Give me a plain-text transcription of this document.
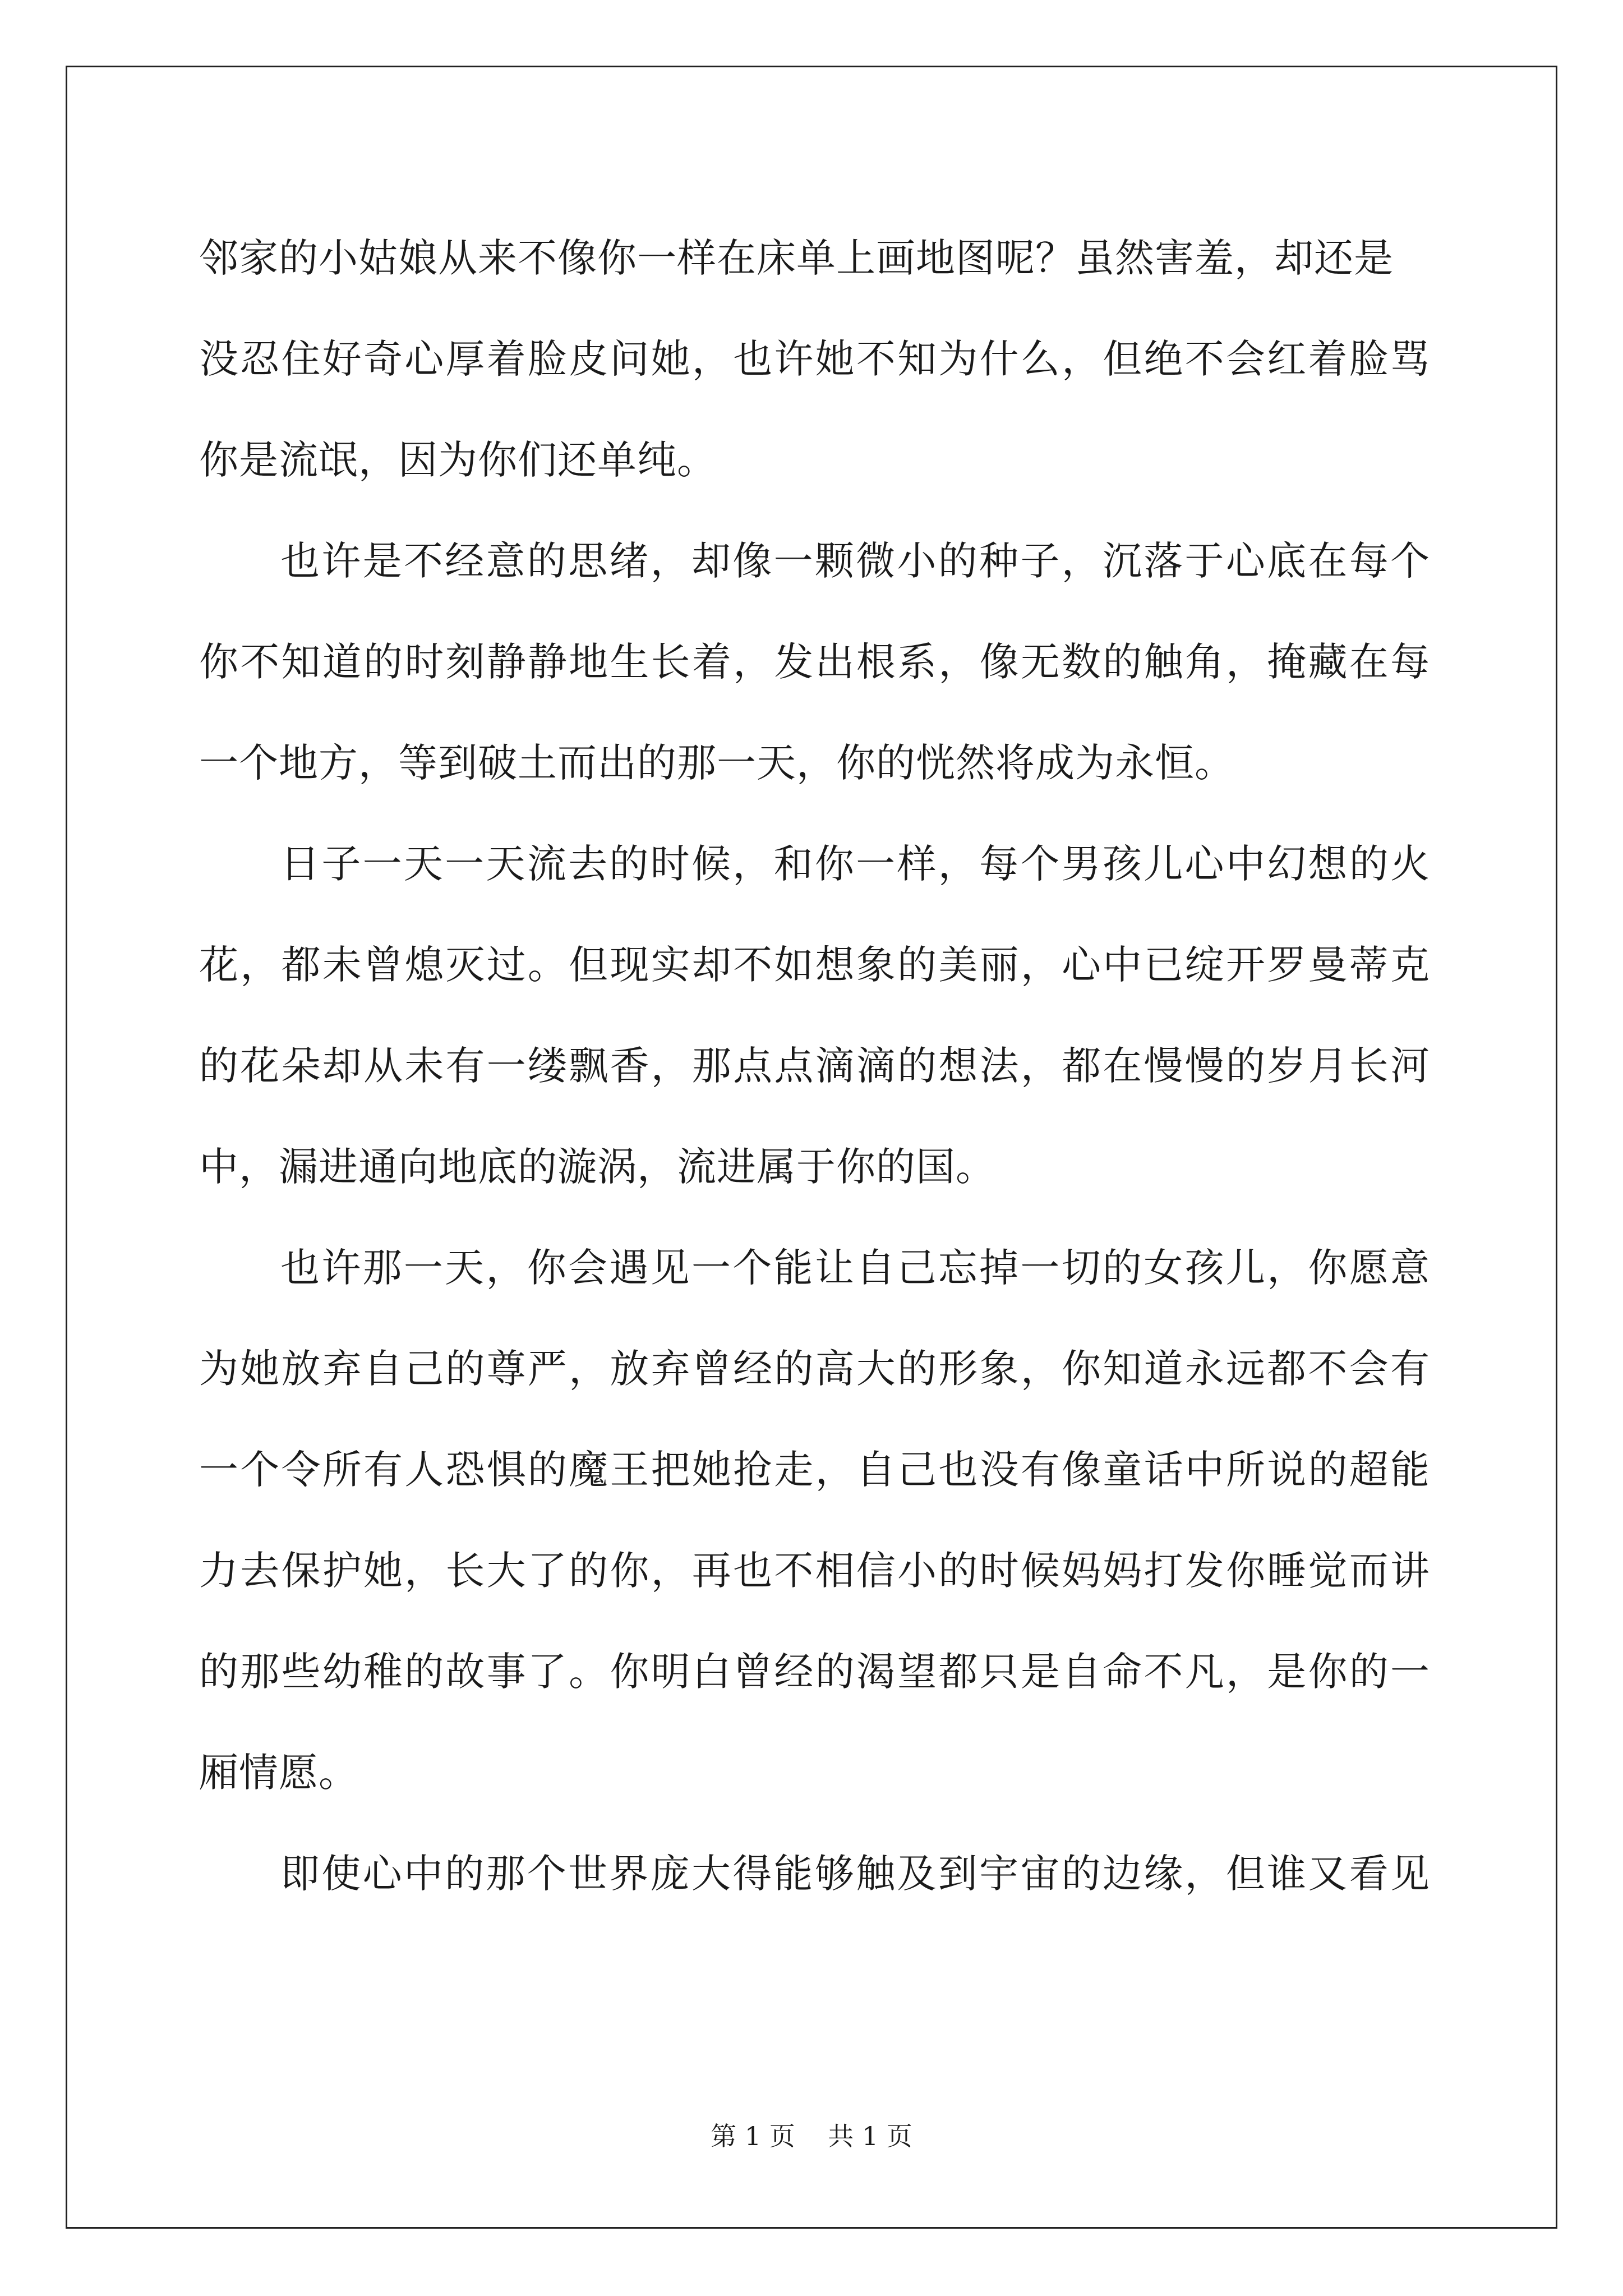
邻家的小姑娘从来不像你一样在床单上画地图呢？虽然害羞，却还是
没忍住好奇心厚着脸皮问她，也许她不知为什么，但绝不会红着脸骂
你是流氓，因为你们还单纯。
也许是不经意的思绪，却像一颗微小的种子，沉落于心底在每个
你不知道的时刻静静地生长着，发出根系，像无数的触角，掩藏在每
一个地方，等到破土而出的那一天，你的恍然将成为永恒。
日子一天一天流去的时候，和你一样，每个男孩儿心中幻想的火
花，都未曾熄灭过。但现实却不如想象的美丽，心中已绽开罗曼蒂克
的花朵却从未有一缕飘香，那点点滴滴的想法，都在慢慢的岁月长河
中，漏进通向地底的漩涡，流进属于你的国。
也许那一天，你会遇见一个能让自己忘掉一切的女孩儿，你愿意
为她放弃自己的尊严，放弃曾经的高大的形象，你知道永远都不会有
一个令所有人恐惧的魔王把她抢走，自己也没有像童话中所说的超能
力去保护她，长大了的你，再也不相信小的时候妈妈打发你睡觉而讲
的那些幼稚的故事了。你明白曾经的渴望都只是自命不凡，是你的一
厢情愿。
即使心中的那个世界庞大得能够触及到宇宙的边缘，但谁又看见
第 1 页 共 1 页
